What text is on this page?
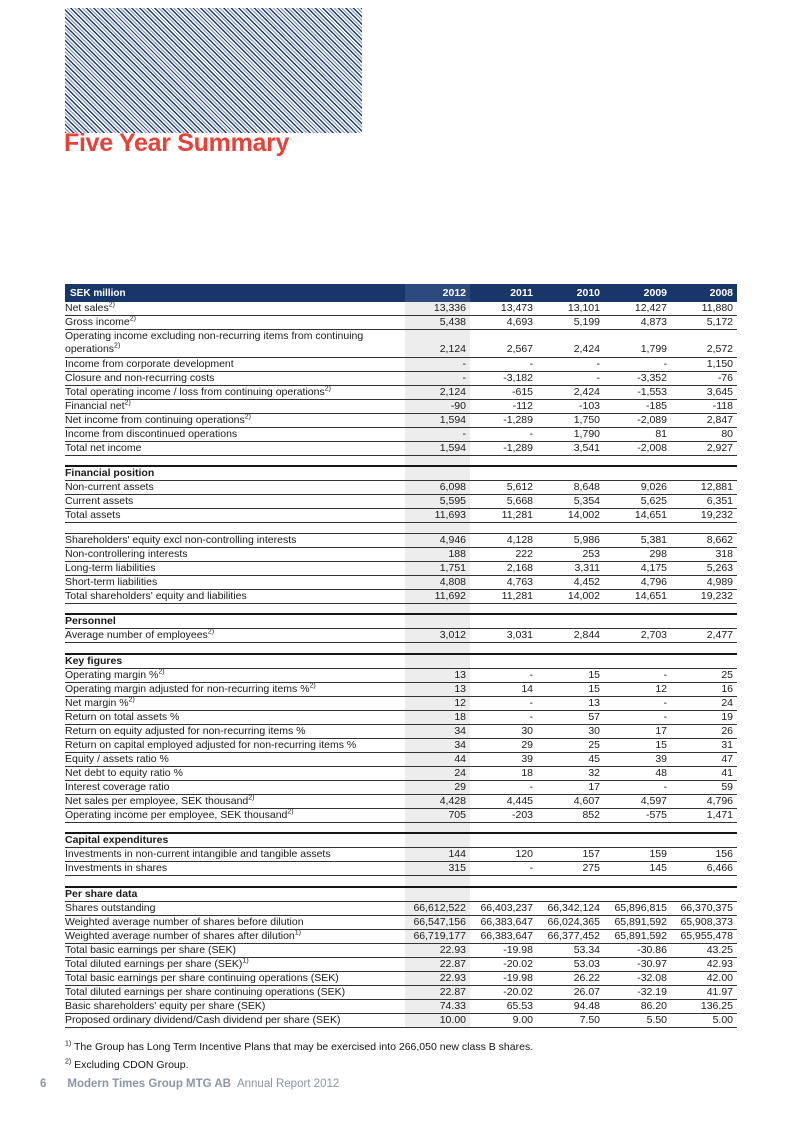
Five Year Summary
SEK million	2012	2011	2010	2009	2008
Net sales$^{2)}$	13,336	13,473	13,101	12,427	11,880
Gross income$^{2)}$	5,438	4,693	5,199	4,873	5,172
Operating income excluding non-recurring items from continuing
operations$^{2)}$	2,124	2,567	2,424	1,799	2,572
Income from corporate development	-	-	-	-	1,150
Closure and non-recurring costs	-	-3,182	-	-3,352	-76
Total operating income / loss from continuing operations$^{2)}$	2,124	-615	2,424	-1,553	3,645
Financial net$^{2)}$	-90	-112	-103	-185	-118
Net income from continuing operations$^{2)}$	1,594	-1,289	1,750	-2,089	2,847
Income from discontinued operations	-	-	1,790	81	80
Total net income	1,594	-1,289	3,541	-2,008	2,927

Financial position					
Non-current assets	6,098	5,612	8,648	9,026	12,881
Current assets	5,595	5,668	5,354	5,625	6,351
Total assets	11,693	11,281	14,002	14,651	19,232

Shareholders' equity excl non-controlling interests	4,946	4,128	5,986	5,381	8,662
Non-controllering interests	188	222	253	298	318
Long-term liabilities	1,751	2,168	3,311	4,175	5,263
Short-term liabilities	4,808	4,763	4,452	4,796	4,989
Total shareholders' equity and liabilities	11,692	11,281	14,002	14,651	19,232

Personnel					
Average number of employees$^{2)}$	3,012	3,031	2,844	2,703	2,477

Key figures					
Operating margin %$^{2)}$	13	-	15	-	25
Operating margin adjusted for non-recurring items %$^{2)}$	13	14	15	12	16
Net margin %$^{2)}$	12	-	13	-	24
Return on total assets %	18	-	57	-	19
Return on equity adjusted for non-recurring items %	34	30	30	17	26
Return on capital employed adjusted for non-recurring items %	34	29	25	15	31
Equity / assets ratio %	44	39	45	39	47
Net debt to equity ratio %	24	18	32	48	41
Interest coverage ratio	29	-	17	-	59
Net sales per employee, SEK thousand$^{2)}$	4,428	4,445	4,607	4,597	4,796
Operating income per employee, SEK thousand$^{2)}$	705	-203	852	-575	1,471

Capital expenditures					
Investments in non-current intangible and tangible assets	144	120	157	159	156
Investments in shares	315	-	275	145	6,466

Per share data					
Shares outstanding	66,612,522	66,403,237	66,342,124	65,896,815	66,370,375
Weighted average number of shares before dilution	66,547,156	66,383,647	66,024,365	65,891,592	65,908,373
Weighted average number of shares after dilution$^{1)}$	66,719,177	66,383,647	66,377,452	65,891,592	65,955,478
Total basic earnings per share (SEK)	22.93	-19.98	53.34	-30.86	43.25
Total diluted earnings per share (SEK)$^{1)}$	22.87	-20.02	53.03	-30.97	42.93
Total basic earnings per share continuing operations (SEK)	22.93	-19.98	26.22	-32.08	42.00
Total diluted earnings per share continuing operations (SEK)	22.87	-20.02	26.07	-32.19	41.97
Basic shareholders' equity per share (SEK)	74.33	65.53	94.48	86.20	136.25
Proposed ordinary dividend/Cash dividend per share (SEK)	10.00	9.00	7.50	5.50	5.00

$^{1)}$ The Group has Long Term Incentive Plans that may be exercised into 266,050 new class B shares.

$^{2)}$ Excluding CDON Group.

6 Modern Times Group MTG AB Annual Report 2012
